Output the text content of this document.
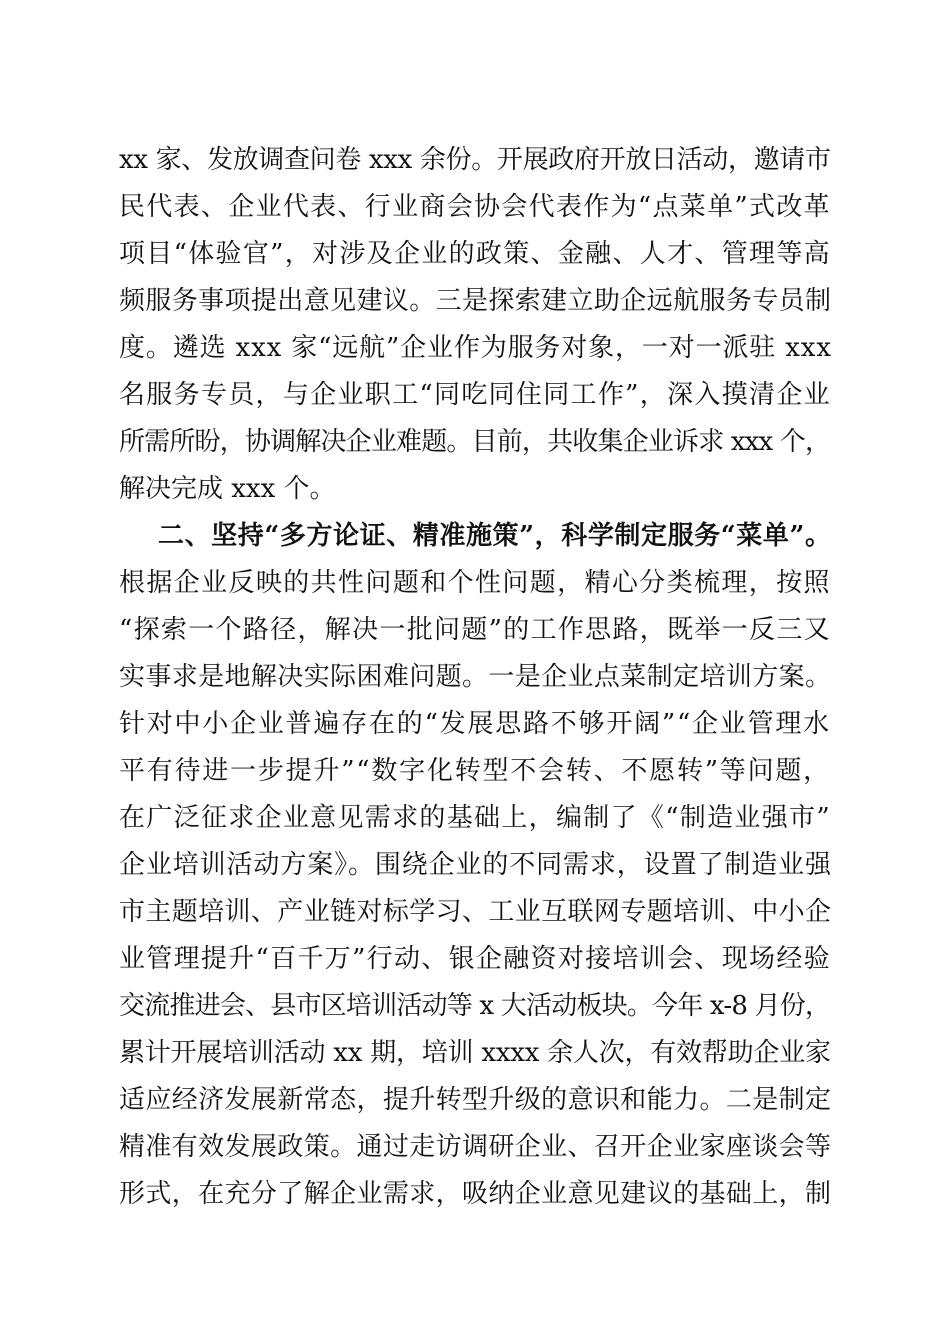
xx 家、发放调查问卷 xxx 余份。开展政府开放日活动，邀请市
民代表、企业代表、行业商会协会代表作为“点菜单”式改革
项目“体验官”，对涉及企业的政策、金融、人才、管理等高
频服务事项提出意见建议。三是探索建立助企远航服务专员制
度。遴选 xxx 家“远航”企业作为服务对象，一对一派驻 xxx
名服务专员，与企业职工“同吃同住同工作”，深入摸清企业
所需所盼，协调解决企业难题。目前，共收集企业诉求 xxx 个，
解决完成 xxx 个。
二、坚持“多方论证、精准施策”，科学制定服务“菜单”。
根据企业反映的共性问题和个性问题，精心分类梳理，按照
“探索一个路径，解决一批问题”的工作思路，既举一反三又
实事求是地解决实际困难问题。一是企业点菜制定培训方案。
针对中小企业普遍存在的“发展思路不够开阔”“企业管理水
平有待进一步提升”“数字化转型不会转、不愿转”等问题，
在广泛征求企业意见需求的基础上，编制了《“制造业强市”
企业培训活动方案》。围绕企业的不同需求，设置了制造业强
市主题培训、产业链对标学习、工业互联网专题培训、中小企
业管理提升“百千万”行动、银企融资对接培训会、现场经验
交流推进会、县市区培训活动等 x 大活动板块。今年 x-8 月份，
累计开展培训活动 xx 期，培训 xxxx 余人次，有效帮助企业家
适应经济发展新常态，提升转型升级的意识和能力。二是制定
精准有效发展政策。通过走访调研企业、召开企业家座谈会等
形式，在充分了解企业需求，吸纳企业意见建议的基础上，制
